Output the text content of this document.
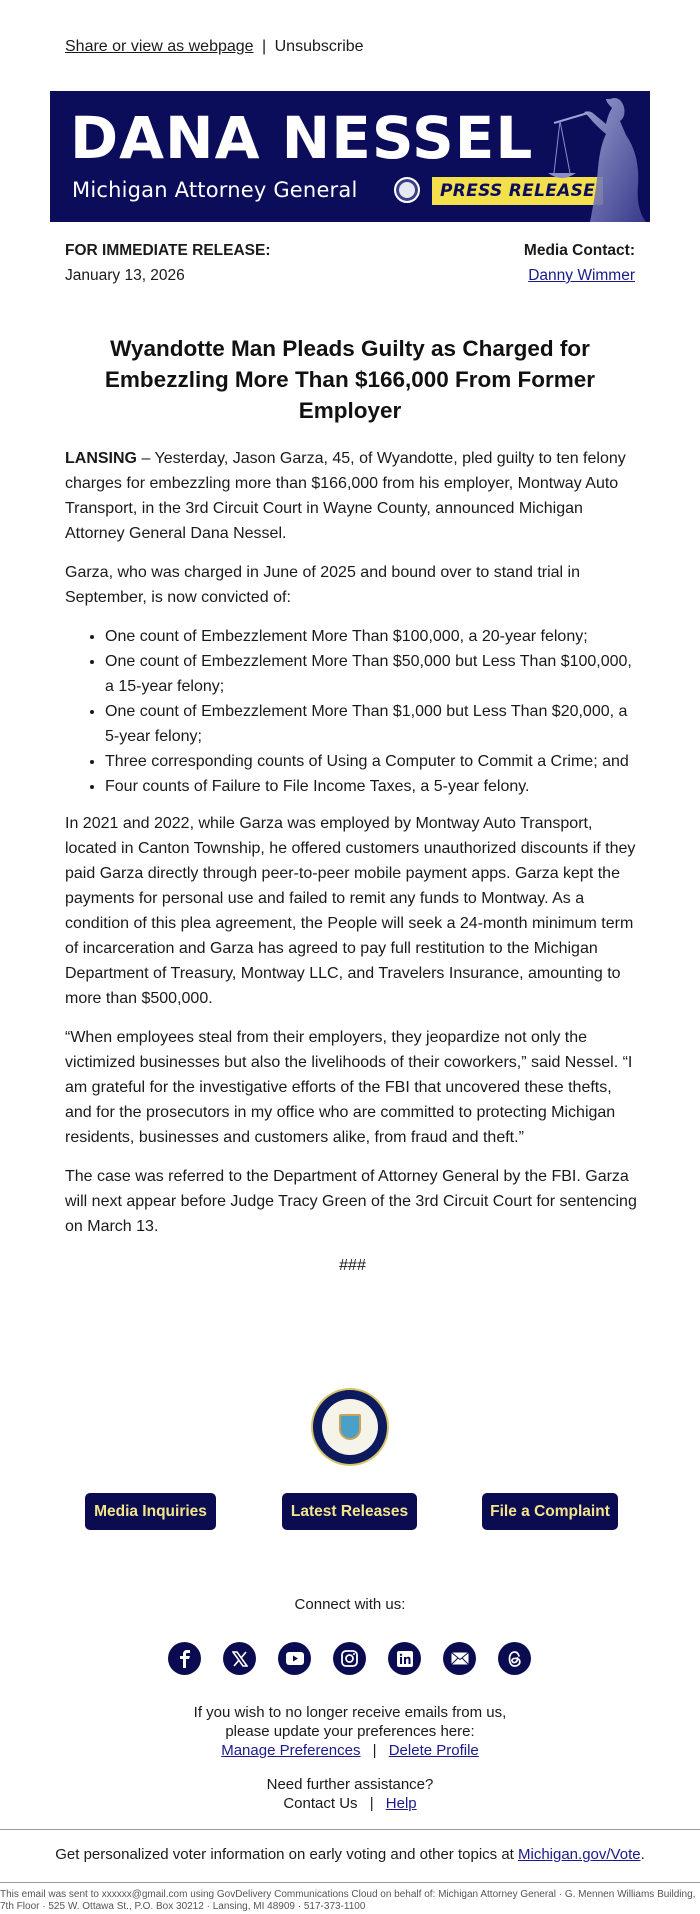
Share or view as webpage | Unsubscribe
DANA NESSEL
Michigan Attorney General	PRESS RELEASE
FOR IMMEDIATE RELEASE:
January 13, 2026
Media Contact:
Danny Wimmer
Wyandotte Man Pleads Guilty as Charged for Embezzling More Than $166,000 From Former Employer

LANSING – Yesterday, Jason Garza, 45, of Wyandotte, pled guilty to ten felony charges for embezzling more than $166,000 from his employer, Montway Auto Transport, in the 3rd Circuit Court in Wayne County, announced Michigan Attorney General Dana Nessel.

Garza, who was charged in June of 2025 and bound over to stand trial in September, is now convicted of:

• One count of Embezzlement More Than $100,000, a 20-year felony;
• One count of Embezzlement More Than $50,000 but Less Than $100,000, a 15-year felony;
• One count of Embezzlement More Than $1,000 but Less Than $20,000, a 5-year felony;
• Three corresponding counts of Using a Computer to Commit a Crime; and
• Four counts of Failure to File Income Taxes, a 5-year felony.

In 2021 and 2022, while Garza was employed by Montway Auto Transport, located in Canton Township, he offered customers unauthorized discounts if they paid Garza directly through peer-to-peer mobile payment apps. Garza kept the payments for personal use and failed to remit any funds to Montway. As a condition of this plea agreement, the People will seek a 24-month minimum term of incarceration and Garza has agreed to pay full restitution to the Michigan Department of Treasury, Montway LLC, and Travelers Insurance, amounting to more than $500,000.

“When employees steal from their employers, they jeopardize not only the victimized businesses but also the livelihoods of their coworkers,” said Nessel. “I am grateful for the investigative efforts of the FBI that uncovered these thefts, and for the prosecutors in my office who are committed to protecting Michigan residents, businesses and customers alike, from fraud and theft.”

The case was referred to the Department of Attorney General by the FBI. Garza will next appear before Judge Tracy Green of the 3rd Circuit Court for sentencing on March 13.

###
Media Inquiries	Latest Releases	File a Complaint
Connect with us:
If you wish to no longer receive emails from us,
please update your preferences here:
Manage Preferences | Delete Profile
Need further assistance?
Contact Us | Help
Get personalized voter information on early voting and other topics at Michigan.gov/Vote.
This email was sent to xxxxxx@gmail.com using GovDelivery Communications Cloud on behalf of: Michigan Attorney General · G. Mennen Williams Building, 7th Floor · 525 W. Ottawa St., P.O. Box 30212 · Lansing, MI 48909 · 517-373-1100
